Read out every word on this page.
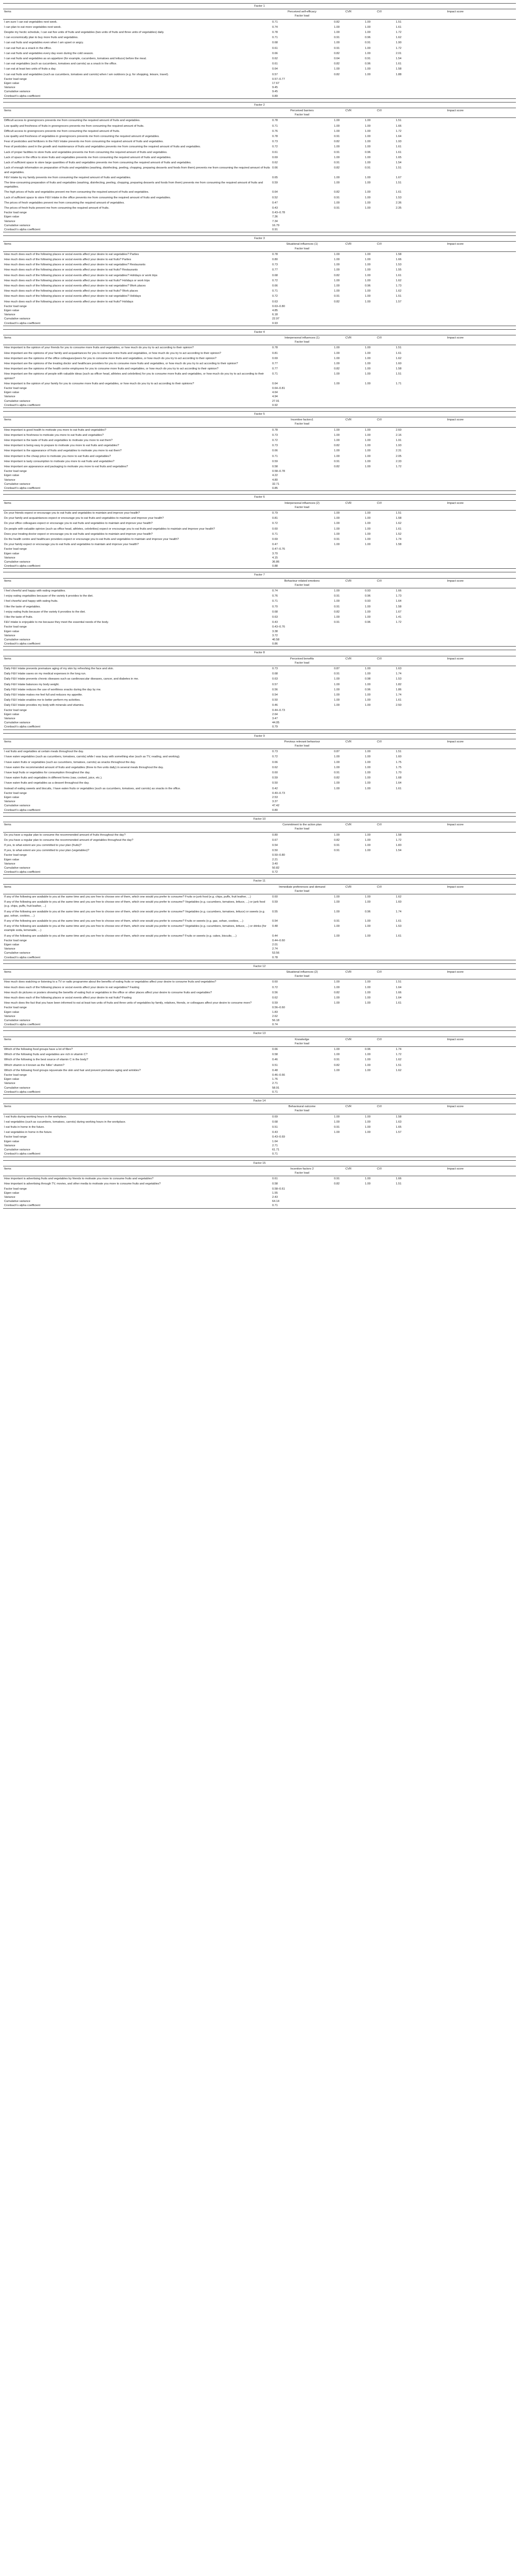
Factor 1				
Items	Perceived self-efficacy
Factor load	CVR	CVI	Impact score
I am sure I can eat vegetables next week.	0.71	0.82	1.00	1.51
I can plan to eat more vegetables next week.	0.74	1.00	1.00	1.61
Despite my hectic schedule, I can eat five units of fruits and vegetables (two units of fruits and three units of vegetables) daily.	0.78	1.00	1.00	1.72
I can economically plan to buy more fruits and vegetables.	0.71	0.91	0.96	1.62
I can eat fruits and vegetables even when I am upset or angry.	0.68	1.00	0.91	1.90
I can eat fruit as a snack in the office.	0.61	0.91	1.00	1.72
I can eat fruits and vegetables every day even during the cold season.	0.66	0.82	1.00	2.01
I can eat fruits and vegetables as an appetizer (for example, cucumbers, tomatoes and lettuce) before the meal.	0.62	0.64	0.91	1.54
I can eat vegetables (such as cucumbers, tomatoes and carrots) as a snack in the office.	0.61	0.82	0.96	1.61
I can eat at least two units of fruits a day.	0.64	1.00	1.00	1.58
I can eat fruits and vegetables (such as cucumbers, tomatoes and carrots) when I am outdoors (e.g. for shopping, leisure, travel).	0.57	0.82	1.00	1.88
Factor load range	0.57–0.77			
Eigen value	17.67			
Variance	9.45			
Cumulative variance	9.45			
Cronbach's alpha coefficient	0.89			
Factor 2				
Items	Perceived barriers
Factor load	CVR	CVI	Impact score
Difficult access to greengrocers prevents me from consuming the required amount of fruits and vegetables.	0.78	1.00	1.00	1.51
Low quality and freshness of fruits in greengrocers prevents me from consuming the required amount of fruits.	0.71	1.00	1.00	1.66
Difficult access to greengrocers prevents me from consuming the required amount of fruits.	0.76	1.00	1.00	1.72
Low quality and freshness of vegetables in greengrocers prevents me from consuming the required amount of vegetables.	0.78	0.91	1.00	1.64
Fear of pesticides and fertilizers in the F&V intake prevents me from consuming the required amount of fruits and vegetables.	0.73	0.82	1.00	1.93
Fear of pesticides used in the growth and maintenance of fruits and vegetables prevents me from consuming the required amount of fruits and vegetables.	0.72	1.00	1.00	1.61
Lack of proper facilities to store fruits and vegetables prevents me from consuming the required amount of fruits and vegetables.	0.61	0.91	0.96	1.61
Lack of space in the office to store fruits and vegetables prevents me from consuming the required amount of fruits and vegetables.	0.69	1.00	1.00	1.65
Lack of sufficient space to store large quantities of fruits and vegetables prevents me from consuming the required amount of fruits and vegetables.	0.62	0.91	1.00	1.54
Lack of enough information on preparation of fruits and vegetables (washing, disinfecting, peeling, chopping, preparing desserts and foods from them) prevents me from consuming the required amount of fruits and vegetables.	0.66	0.82	0.91	1.51
F&V intake by my family prevents me from consuming the required amount of fruits and vegetables.	0.65	1.00	1.00	1.67
The time-consuming preparation of fruits and vegetables (washing, disinfecting, peeling, chopping, preparing desserts and foods from them) prevents me from consuming the required amount of fruits and vegetables.	0.59	1.00	1.00	1.51
The high prices of fruits and vegetables prevent me from consuming the required amount of fruits and vegetables.	0.64	0.82	1.00	1.61
Lack of sufficient space to store F&V intake in the office prevents me from consuming the required amount of fruits and vegetables.	0.52	0.91	1.00	1.53
The prices of fresh vegetables prevent me from consuming the required amount of vegetables.	0.47	1.00	1.00	2.36
The prices of fresh fruits prevent me from consuming the required amount of fruits.	0.43	0.91	1.00	2.35
Factor load range	0.43–0.78			
Eigen value	7.36			
Variance	7.34			
Cumulative variance	16.79			
Cronbach's alpha coefficient	0.91			
Factor 3				
Items	Situational influences (1)
Factor load	CVR	CVI	Impact score
How much does each of the following places or social events affect your desire to eat vegetables? Parties	0.78	1.00	1.00	1.58
How much does each of the following places or social events affect your desire to eat fruits? Parties	0.80	1.00	1.00	1.66
How much does each of the following places or social events affect your desire to eat vegetables? Restaurants	0.73	1.00	1.00	1.53
How much does each of the following places or social events affect your desire to eat fruits? Restaurants	0.77	1.00	1.00	1.55
How much does each of the following places or social events affect your desire to eat vegetables? Holidays or work trips	0.68	0.82	1.00	1.61
How much does each of the following places or social events affect your desire to eat fruits? Holidays or work trips	0.72	1.00	1.00	1.62
How much does each of the following places or social events affect your desire to eat vegetables? Work places	0.66	1.00	0.96	1.73
How much does each of the following places or social events affect your desire to eat fruits? Work places	0.71	1.00	1.00	1.62
How much does each of the following places or social events affect your desire to eat vegetables? Holidays	0.72	0.91	1.00	1.51
How much does each of the following places or social events affect your desire to eat fruits? Holidays	0.63	0.82	1.00	1.57
Factor load range	0.63–0.80			
Eigen value	4.85			
Variance	6.18			
Cumulative variance	22.97			
Cronbach's alpha coefficient	0.93			
Factor 4				
Items	Interpersonal influences (1)
Factor load	CVR	CVI	Impact score
How important is the opinion of your friends for you to consume more fruits and vegetables, or how much do you try to act according to their opinion?	0.78	1.00	1.00	1.51
How important are the opinions of your family and acquaintances for you to consume more fruits and vegetables, or how much do you try to act according to their opinion?	0.81	1.00	1.00	1.61
How important are the opinions of the office colleagues/peers for you to consume more fruits and vegetables, or how much do you try to act according to their opinion?	0.69	1.00	1.00	1.62
How important are the opinions of the treating doctor and healthcare providers for you to consume more fruits and vegetables, or how much do you try to act according to their opinion?	0.77	1.00	1.00	1.60
How important are the opinions of the health centre employees for you to consume more fruits and vegetables, or how much do you try to act according to their opinion?	0.77	0.82	1.00	1.58
How important are the opinions of people with valuable ideas (such as officer head, athletes and celebrities) for you to consume more fruits and vegetables, or how much do you try to act according to their opinion?	0.71	1.00	1.00	1.51
How important is the opinion of your family for you to consume more fruits and vegetables, or how much do you try to act according to their opinions?	0.64	1.00	1.00	1.71
Factor load range	0.64–0.81			
Eigen value	4.64			
Variance	4.94			
Cumulative variance	27.91			
Cronbach's alpha coefficient	0.92			
Factor 5				
Items	Incentive factors1
Factor load	CVR	CVI	Impact score
How important is good health to motivate you more to eat fruits and vegetables?	0.78	1.00	1.00	2.60
How important is freshness to motivate you more to eat fruits and vegetables?	0.73	1.00	1.00	2.16
How important is the taste of fruits and vegetables to motivate you more to eat them?	0.72	1.00	1.00	1.91
How important is being easy to prepare to motivate you more to eat fruits and vegetables?	0.73	0.82	1.00	1.93
How important is the appearance of fruits and vegetables to motivate you more to eat them?	0.66	1.00	1.00	2.31
How important is the cheap price to motivate you more to eat fruits and vegetables?	0.71	1.00	1.00	2.05
How important is tasty consumption to motivate you more to eat fruits and vegetables?	0.59	0.91	1.00	2.33
How important are appearance and packaging to motivate you more to eat fruits and vegetables?	0.58	0.82	1.00	1.72
Factor load range	0.58–0.78			
Eigen value	4.22			
Variance	4.80			
Cumulative variance	32.71			
Cronbach's alpha coefficient	0.85			
Factor 6				
Items	Interpersonal influences (2)
Factor load	CVR	CVI	Impact score
Do your friends expect or encourage you to eat fruits and vegetables to maintain and improve your health?	0.79	1.00	1.00	1.51
Do your family and acquaintances expect or encourage you to eat fruits and vegetables to maintain and improve your health?	0.81	1.00	1.00	1.58
Do your office colleagues expect or encourage you to eat fruits and vegetables to maintain and improve your health?	0.72	1.00	1.00	1.62
Do people with valuable opinion (such as office head, athletes, celebrities) expect or encourage you to eat fruits and vegetables to maintain and improve your health?	0.60	1.00	1.00	1.61
Does your treating doctor expect or encourage you to eat fruits and vegetables to maintain and improve your health?	0.71	1.00	1.00	1.52
Do the health centre and healthcare providers expect or encourage you to eat fruits and vegetables to maintain and improve your health?	0.69	0.91	1.00	1.74
Do your family expect or encourage you to eat fruits and vegetables to maintain and improve your health?	0.47	1.00	1.00	1.58
Factor load range	0.47–0.76			
Eigen value	3.70			
Variance	4.15			
Cumulative variance	36.86			
Cronbach's alpha coefficient	0.88			
Factor 7				
Items	Behaviour-related emotions
Factor load	CVR	CVI	Impact score
I feel cheerful and happy with eating vegetables.	0.74	1.00	0.93	1.66
I enjoy eating vegetables because of the variety it provides to the diet.	0.76	0.91	0.96	1.73
I feel cheerful and happy with eating fruits.	0.71	1.00	0.93	1.64
I like the taste of vegetables.	0.70	0.91	1.00	1.58
I enjoy eating fruits because of the variety it provides to the diet.	0.68	0.82	1.00	1.67
I like the taste of fruits.	0.63	1.00	1.00	1.41
F&V intake is enjoyable to me because they meet the essential needs of the body.	0.43	0.91	0.96	1.72
Factor load range	0.43–0.76			
Eigen value	3.38			
Variance	3.72			
Cumulative variance	40.58			
Cronbach's alpha coefficient	0.86			
Factor 8				
Items	Perceived benefits
Factor load	CVR	CVI	Impact score
Daily F&V intake prevents premature aging of my skin by refreshing the face and skin.	0.73	0.87	1.00	1.63
Daily F&V intake saves on my medical expenses in the long run.	0.68	0.91	1.00	1.74
Daily F&V intake prevents chronic diseases such as cardiovascular diseases, cancer, and diabetes in me.	0.63	1.00	0.98	1.53
Daily F&V intake balances my body weight.	0.57	1.00	1.00	1.82
Daily F&V intake reduces the use of worthless snacks during the day by me.	0.56	1.00	0.96	1.86
Daily F&V intake makes me feel full and reduces my appetite.	0.54	1.00	1.00	1.74
Daily F&V intake enables me to better perform my activities.	0.50	1.00	1.00	1.61
Daily F&V intake provides my body with minerals and vitamins.	0.46	1.00	1.00	2.50
Factor load range	0.44–0.73			
Eigen value	2.64			
Variance	3.47			
Cumulative variance	44.05			
Cronbach's alpha coefficient	0.79			
Factor 9				
Items	Previous relevant behaviour
Factor load	CVR	CVI	Impact score
I eat fruits and vegetables at certain meals throughout the day.	0.73	0.87	1.00	1.51
I have eaten vegetables (such as cucumbers, tomatoes, carrots) while I was busy with something else (such as TV, reading, and working).	0.72	1.00	1.00	1.60
I have eaten fruits or vegetables (such as cucumbers, tomatoes, carrots) as snacks throughout the day.	0.66	1.00	1.00	1.75
I have eaten the recommended amount of fruits and vegetables (three to five units daily) in several meals throughout the day.	0.62	1.00	1.00	1.75
I have kept fruits or vegetables for consumption throughout the day.	0.60	0.91	1.00	1.70
I have eaten fruits and vegetables in different forms (raw, cooked, juice, etc.).	0.59	0.82	1.00	1.68
I have eaten fruits and vegetables as a dessert throughout the day.	0.50	1.00	1.00	1.64
Instead of eating sweets and biscuits, I have eaten fruits or vegetables (such as cucumbers, tomatoes, and carrots) as snacks in the office.	0.42	1.00	1.00	1.61
Factor load range	0.40–0.73			
Eigen value	2.53			
Variance	3.37			
Cumulative variance	47.42			
Cronbach's alpha coefficient	0.80			
Factor 10				
Items	Commitment to the action plan
Factor load	CVR	CVI	Impact score
Do you have a regular plan to consume the recommended amount of fruits throughout the day?	0.80	1.00	1.00	1.58
Do you have a regular plan to consume the recommended amount of vegetables throughout the day?	0.67	0.82	1.00	1.72
If yes, to what extent are you committed to your plan (fruits)?	0.54	0.91	1.00	1.83
If yes, to what extent are you committed to your plan (vegetables)?	0.50	0.91	1.00	1.54
Factor load range	0.50–0.80			
Eigen value	2.21			
Variance	3.40			
Cumulative variance	50.82			
Cronbach's alpha coefficient	0.72			
Factor 11				
Items	Immediate preferences and demand
Factor load	CVR	CVI	Impact score
If any of the following are available to you at the same time and you are free to choose one of them, which one would you prefer to consume? Fruits or junk food (e.g. chips, puffs, fruit leather, ...)	0.60	1.00	1.00	1.62
If any of the following are available to you at the same time and you are free to choose one of them, which one would you prefer to consume? Vegetables (e.g. cucumbers, tomatoes, lettuce, ...) or junk food (e.g. chips, puffs, fruit leather, ...)	0.59	1.00	1.00	1.60
If any of the following are available to you at the same time and you are free to choose one of them, which one would you prefer to consume? Vegetables (e.g. cucumbers, tomatoes, lettuce) or sweets (e.g. gaz, sohan, cookies, ...)	0.55	1.00	0.96	1.74
If any of the following are available to you at the same time and you are free to choose one of them, which one would you prefer to consume? Fruits or sweets (e.g. gaz, sohan, cookies, ...)	0.54	0.91	1.00	1.61
If any of the following are available to you at the same time and you are free to choose one of them, which one would you prefer to consume? Vegetables (e.g. cucumbers, tomatoes, lettuce, ...) or drinks (for example soda, lemonade, ...)	0.48	1.00	1.00	1.53
If any of the following are available to you at the same time and you are free to choose one of them, which one would you prefer to consume? Fruits or sweets (e.g. cakes, biscuits, ...)	0.44	1.00	1.00	1.61
Factor load range	0.44–0.60			
Eigen value	2.01			
Variance	2.74			
Cumulative variance	53.56			
Cronbach's alpha coefficient	0.78			
Factor 12				
Items	Situational influences (2)
Factor load	CVR	CVI	Impact score
How much does watching or listening to a TV or radio programme about the benefits of eating fruits or vegetables affect your desire to consume fruits and vegetables?	0.60	1.00	1.00	1.51
How much does each of the following places or social events affect your desire to eat vegetables? Fasting	0.72	1.00	1.00	1.64
How much do pictures or posters showing the benefits of eating fruit or vegetables in the office or other places affect your desire to consume fruits and vegetables?	0.56	0.82	1.00	1.66
How much does each of the following places or social events affect your desire to eat fruits? Fasting	0.62	1.00	1.00	1.64
How much does the fact that you have been informed to eat at least two units of fruits and three units of vegetables by family, relatives, friends, or colleagues affect your desire to consume more?	0.59	1.00	1.00	1.61
Factor load range	0.56–0.60			
Eigen value	1.83			
Variance	2.62			
Cumulative variance	56.18			
Cronbach's alpha coefficient	0.74			
Factor 13				
Items	Knowledge
Factor load	CVR	CVI	Impact score
Which of the following food groups have a lot of fibre?	0.66	1.00	0.96	1.74
Which of the following fruits and vegetables are rich in vitamin C?	0.58	1.00	1.00	1.72
Which of the following is the best source of vitamin C in the body?	0.46	0.91	1.00	1.62
Which vitamin is it known as the 'killer' vitamin?	0.51	0.82	1.00	1.51
Which of the following food groups rejuvenate the skin and hair and prevent premature aging and wrinkles?	0.48	1.00	1.00	1.62
Factor load range	0.46–0.66			
Eigen value	1.76			
Variance	2.71			
Cumulative variance	58.91			
Cronbach's alpha coefficient	0.71			
Factor 14				
Items	Behavioural outcome
Factor load	CVR	CVI	Impact score
I eat fruits during working hours in the workplace.	0.69	1.00	1.00	1.58
I eat vegetables (such as cucumbers, tomatoes, carrots) during working hours in the workplace.	0.68	1.00	1.00	1.63
I eat fruits in home in the future.	0.51	0.91	1.00	1.65
I eat vegetables in home in the future.	0.43	1.00	1.00	1.57
Factor load range	0.43–0.69			
Eigen value	1.64			
Variance	2.71			
Cumulative variance	61.71			
Cronbach's alpha coefficient	0.71			
Factor 15				
Items	Incentive factors 2
Factor load	CVR	CVI	Impact score
How important is advertising fruits and vegetables by friends to motivate you more to consume fruits and vegetables?	0.61	0.91	1.00	1.66
How important is advertising through TV, movies, and other media to motivate you more to consume fruits and vegetables?	0.58	0.82	1.00	1.51
Factor load range	0.58–0.61			
Eigen value	1.55			
Variance	2.43			
Cumulative variance	64.14			
Cronbach's alpha coefficient	0.71			
